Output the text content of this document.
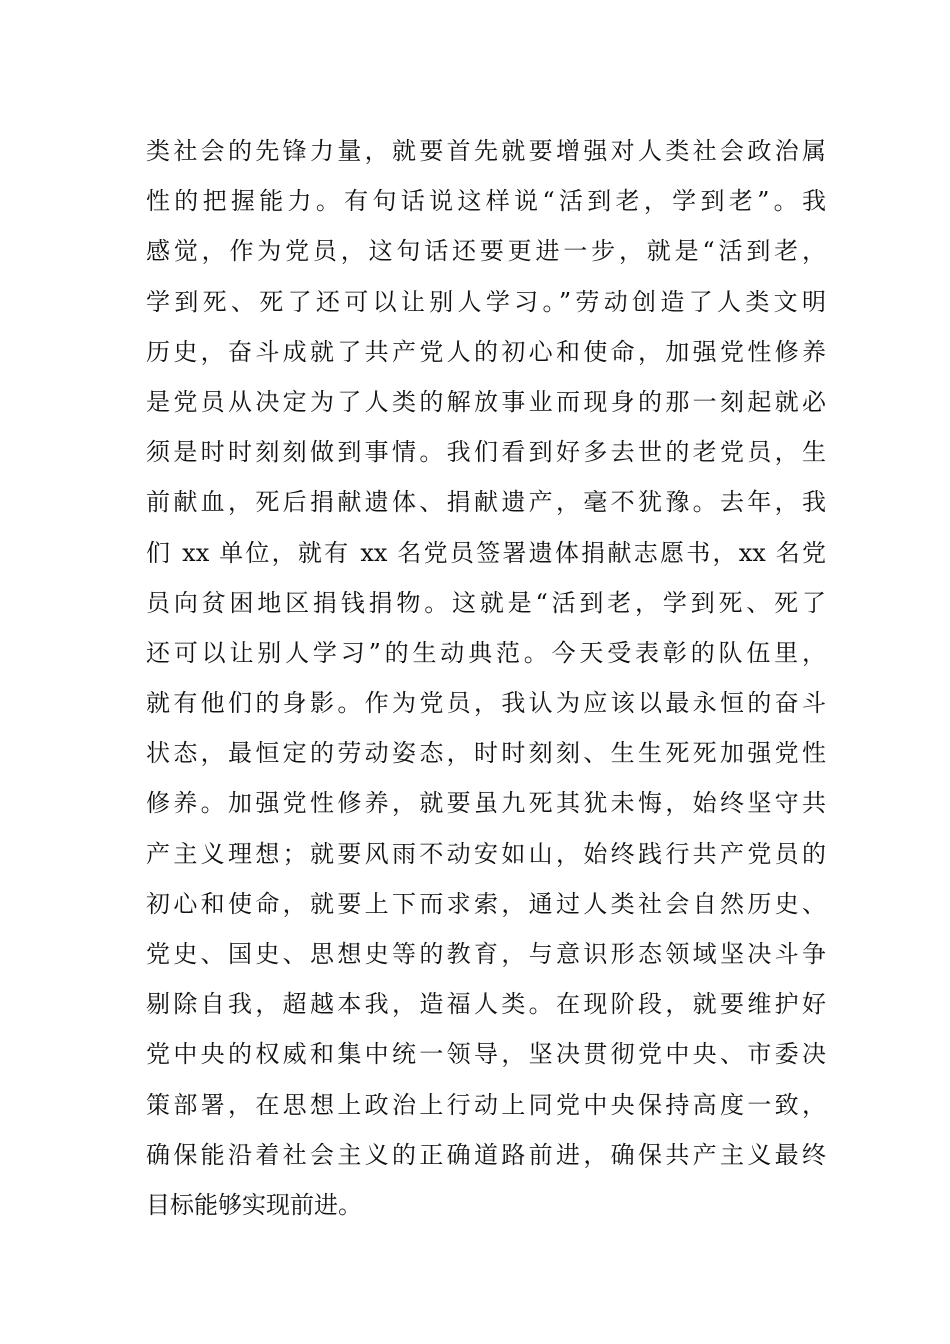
类社会的先锋力量，就要首先就要增强对人类社会政治属
性的把握能力。有句话说这样说“活到老，学到老”。我
感觉，作为党员，这句话还要更进一步，就是“活到老，
学到死、死了还可以让别人学习。”劳动创造了人类文明
历史，奋斗成就了共产党人的初心和使命，加强党性修养
是党员从决定为了人类的解放事业而现身的那一刻起就必
须是时时刻刻做到事情。我们看到好多去世的老党员，生
前献血，死后捐献遗体、捐献遗产，毫不犹豫。去年，我
们 xx 单位，就有 xx 名党员签署遗体捐献志愿书，xx 名党
员向贫困地区捐钱捐物。这就是“活到老，学到死、死了
还可以让别人学习”的生动典范。今天受表彰的队伍里，
就有他们的身影。作为党员，我认为应该以最永恒的奋斗
状态，最恒定的劳动姿态，时时刻刻、生生死死加强党性
修养。加强党性修养，就要虽九死其犹未悔，始终坚守共
产主义理想；就要风雨不动安如山，始终践行共产党员的
初心和使命，就要上下而求索，通过人类社会自然历史、
党史、国史、思想史等的教育，与意识形态领域坚决斗争
剔除自我，超越本我，造福人类。在现阶段，就要维护好
党中央的权威和集中统一领导，坚决贯彻党中央、市委决
策部署，在思想上政治上行动上同党中央保持高度一致，
确保能沿着社会主义的正确道路前进，确保共产主义最终
目标能够实现前进。
